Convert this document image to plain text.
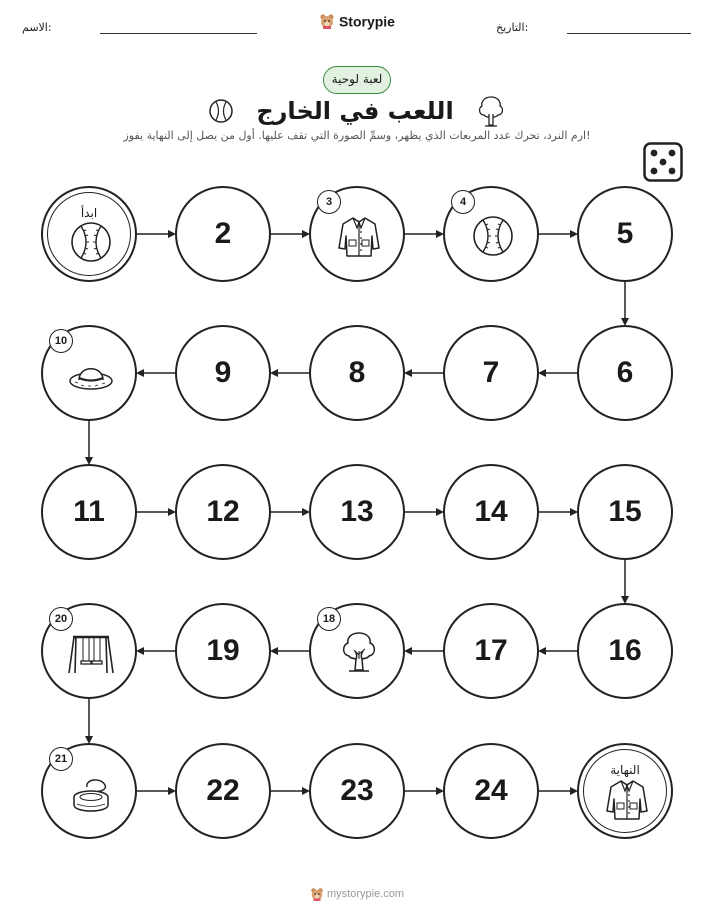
الاسم:	التاريخ:
Storypie
لعبة لوحية
اللعب في الخارج
ارم النرد، تحرك عدد المربعات الذي يظهر، وسمِّ الصورة التي تقف عليها. أول من يصل إلى النهاية يفوز!
ابدأ
2
3	4
5
6
7
8
9
10
11	12	13	14	15
16
17
18
19
20
21
22	23	24
النهاية
mystorypie.com
